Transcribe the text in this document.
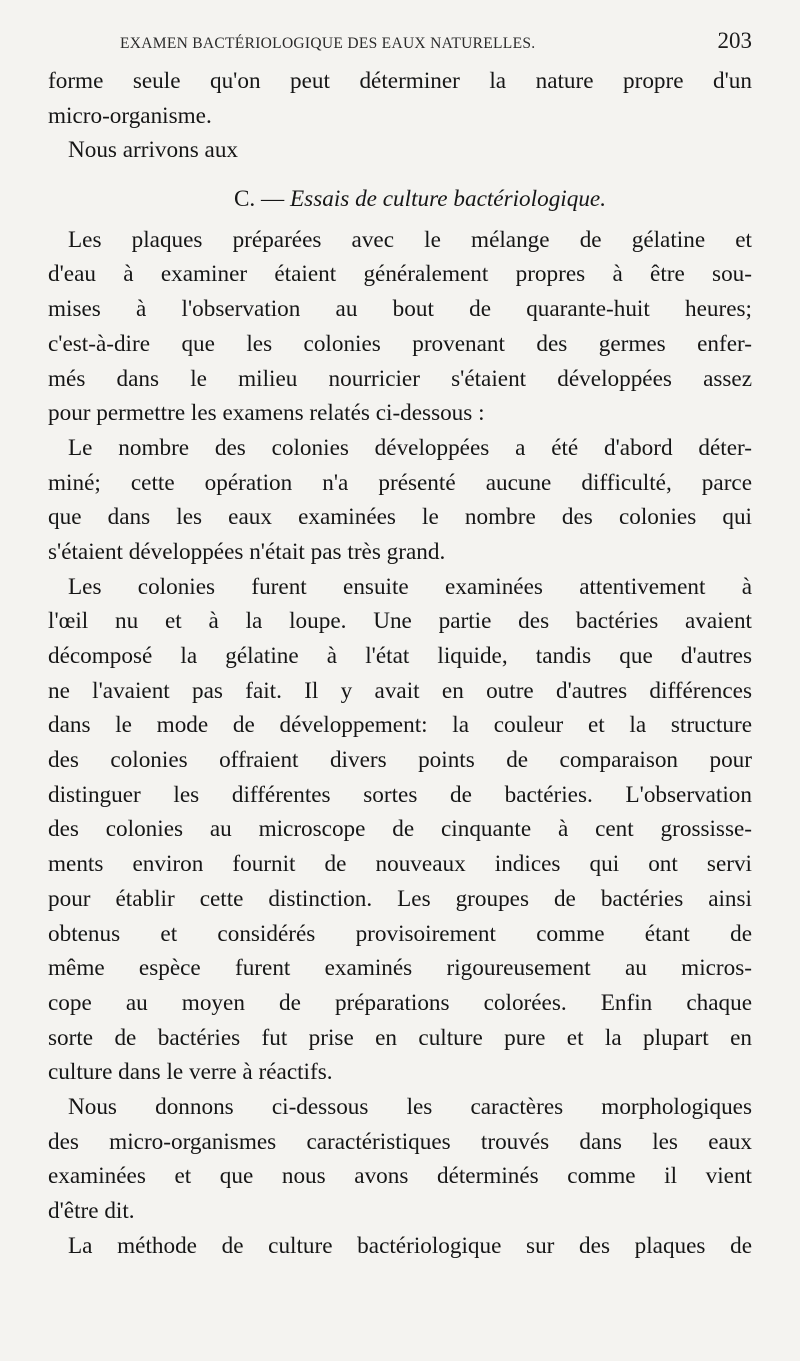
EXAMEN BACTÉRIOLOGIQUE DES EAUX NATURELLES.	203
forme seule qu'on peut déterminer la nature propre d'un
micro-organisme.
Nous arrivons aux
C. — Essais de culture bactériologique.
Les plaques préparées avec le mélange de gélatine et
d'eau à examiner étaient généralement propres à être sou-
mises à l'observation au bout de quarante-huit heures;
c'est-à-dire que les colonies provenant des germes enfer-
més dans le milieu nourricier s'étaient développées assez
pour permettre les examens relatés ci-dessous :
Le nombre des colonies développées a été d'abord déter-
miné; cette opération n'a présenté aucune difficulté, parce
que dans les eaux examinées le nombre des colonies qui
s'étaient développées n'était pas très grand.
Les colonies furent ensuite examinées attentivement à
l'œil nu et à la loupe. Une partie des bactéries avaient
décomposé la gélatine à l'état liquide, tandis que d'autres
ne l'avaient pas fait. Il y avait en outre d'autres différences
dans le mode de développement: la couleur et la structure
des colonies offraient divers points de comparaison pour
distinguer les différentes sortes de bactéries. L'observation
des colonies au microscope de cinquante à cent grossisse-
ments environ fournit de nouveaux indices qui ont servi
pour établir cette distinction. Les groupes de bactéries ainsi
obtenus et considérés provisoirement comme étant de
même espèce furent examinés rigoureusement au micros-
cope au moyen de préparations colorées. Enfin chaque
sorte de bactéries fut prise en culture pure et la plupart en
culture dans le verre à réactifs.
Nous donnons ci-dessous les caractères morphologiques
des micro-organismes caractéristiques trouvés dans les eaux
examinées et que nous avons déterminés comme il vient
d'être dit.
La méthode de culture bactériologique sur des plaques de
